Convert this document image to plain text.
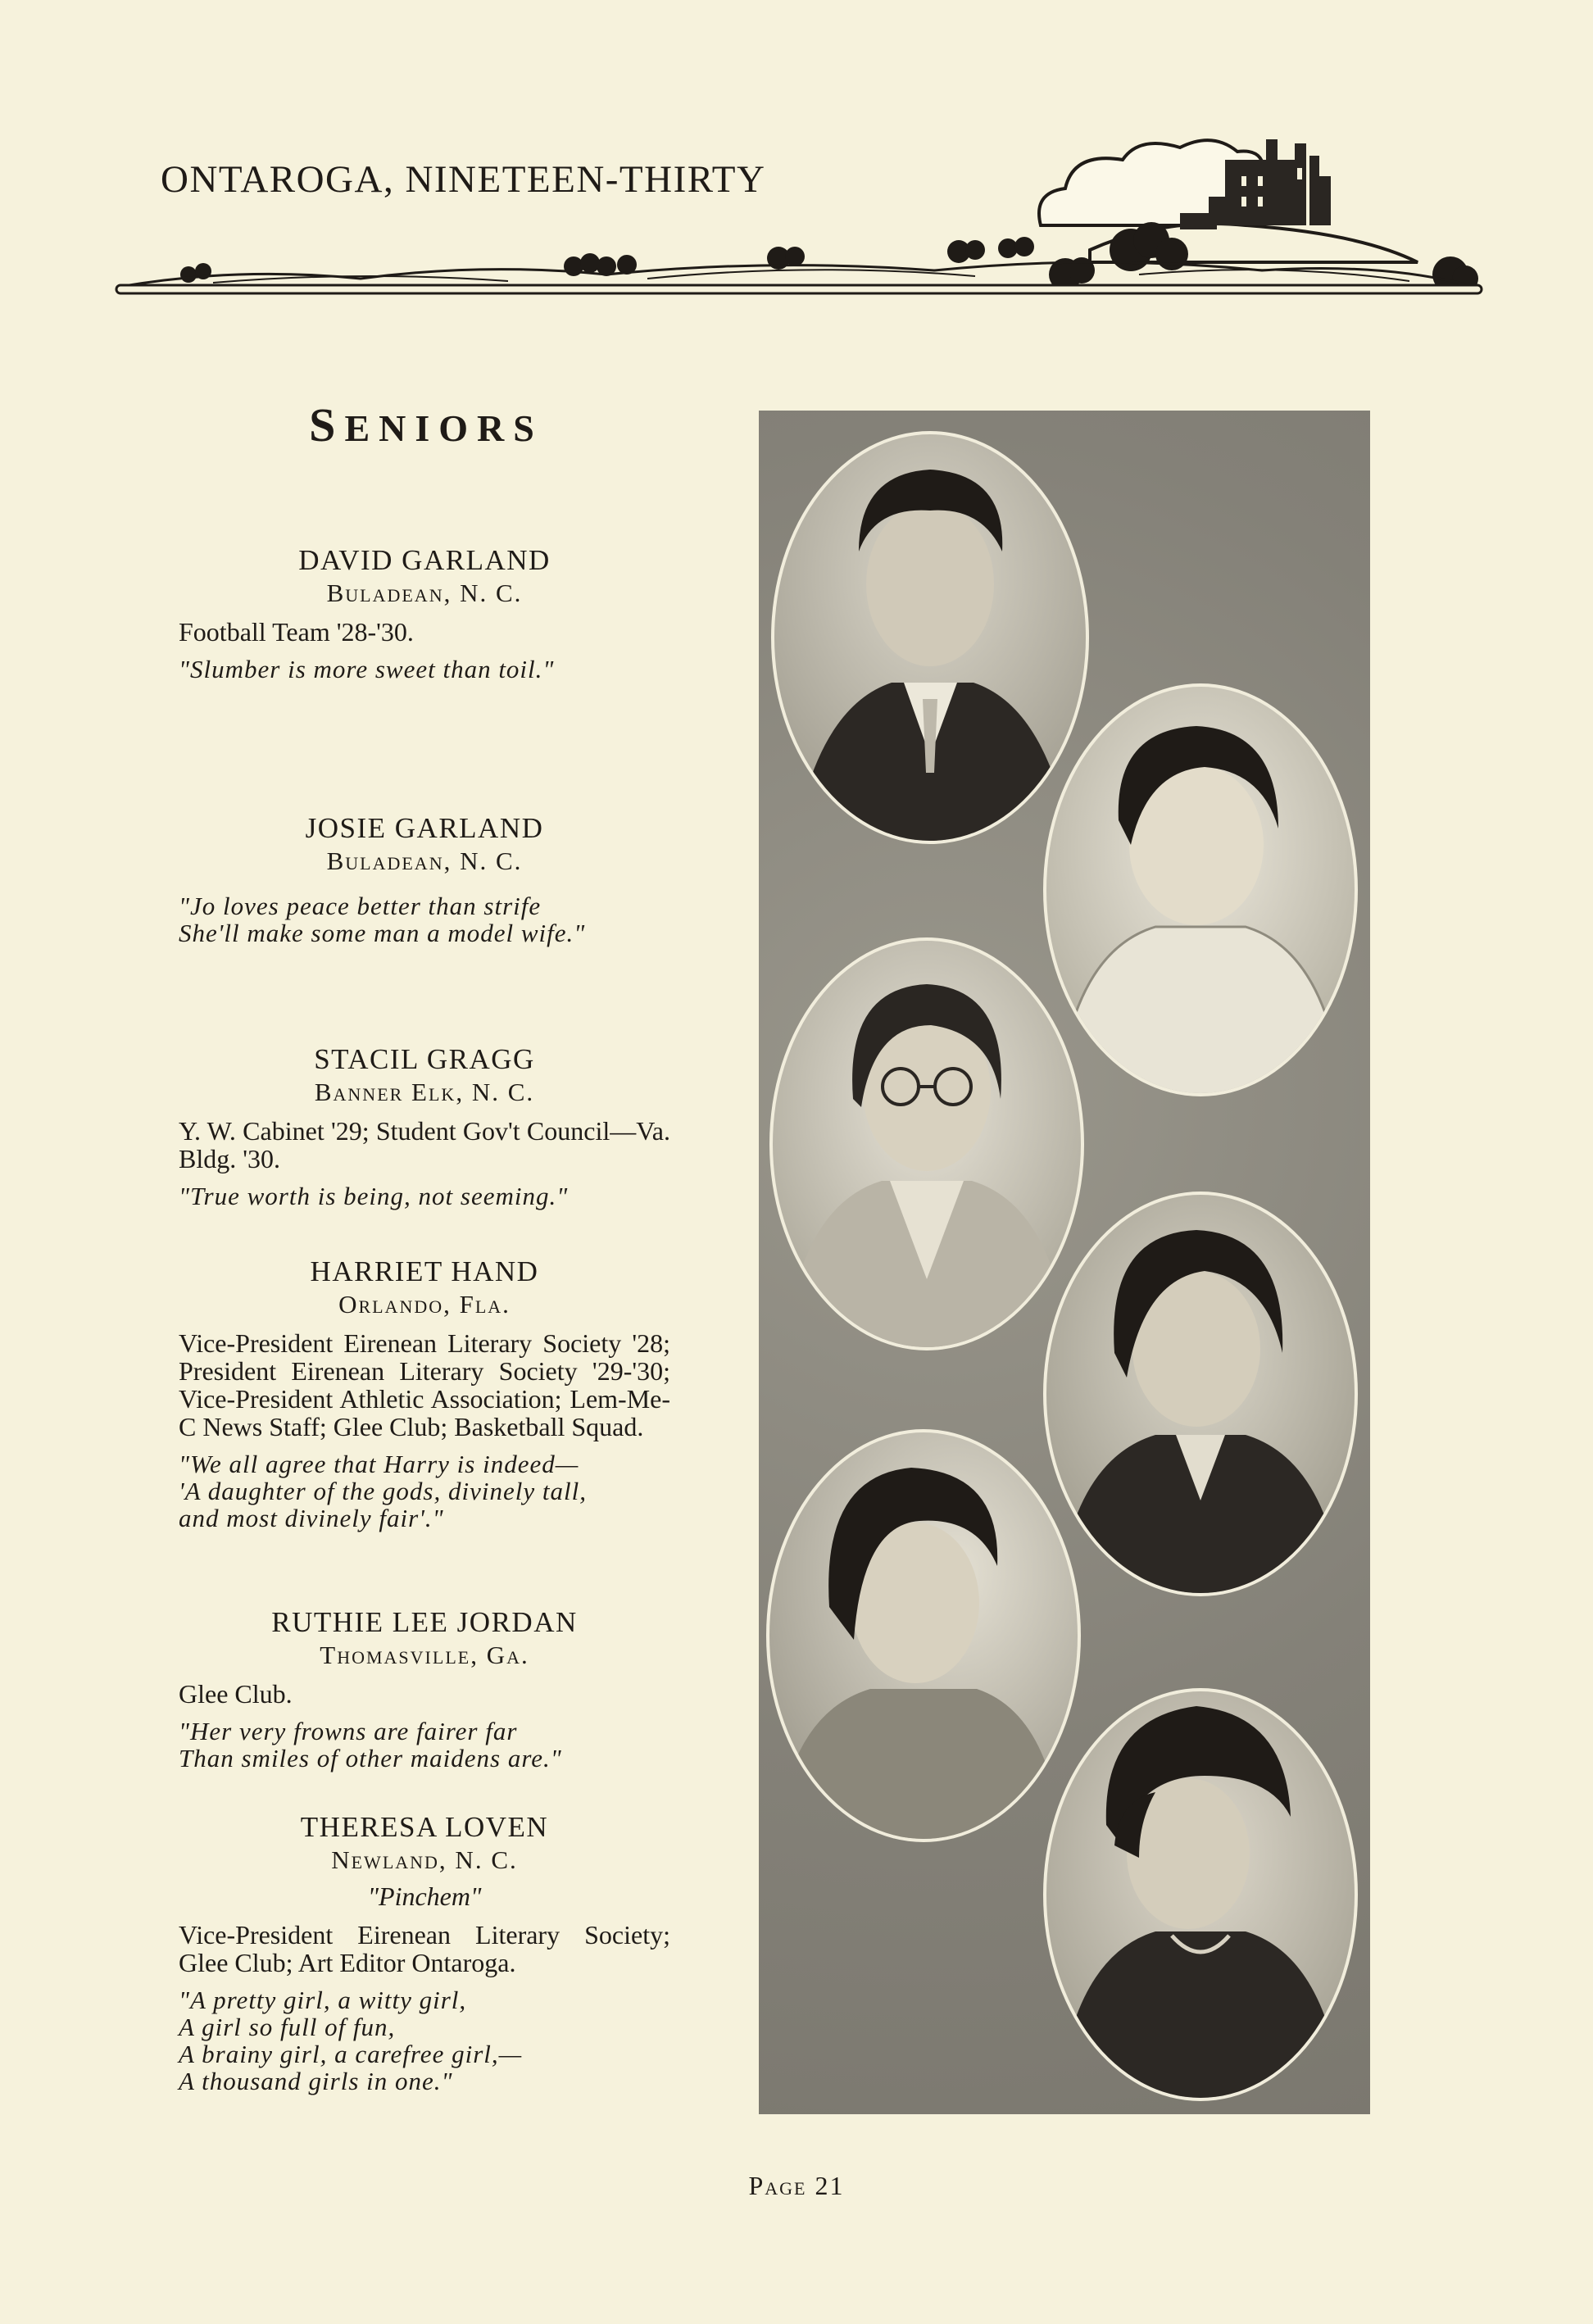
ONTAROGA, NINETEEN-THIRTY
SENIORS
DAVID GARLAND
Buladean, N. C.
Football Team '28-'30.
"Slumber is more sweet than toil."
JOSIE GARLAND
Buladean, N. C.
"Jo loves peace better than strife
She'll make some man a model wife."
STACIL GRAGG
Banner Elk, N. C.
Y. W. Cabinet '29; Student Gov't Council—Va. Bldg. '30.
"True worth is being, not seeming."
HARRIET HAND
Orlando, Fla.
Vice-President Eirenean Literary Society '28; President Eirenean Literary Society '29-'30; Vice-President Athletic Association; Lem-Me-C News Staff; Glee Club; Basketball Squad.
"We all agree that Harry is indeed—
'A daughter of the gods, divinely tall,
and most divinely fair'."
RUTHIE LEE JORDAN
Thomasville, Ga.
Glee Club.
"Her very frowns are fairer far
Than smiles of other maidens are."
THERESA LOVEN
Newland, N. C.
"Pinchem"
Vice-President Eirenean Literary Society; Glee Club; Art Editor Ontaroga.
"A pretty girl, a witty girl,
A girl so full of fun,
A brainy girl, a carefree girl,—
A thousand girls in one."
Page 21
